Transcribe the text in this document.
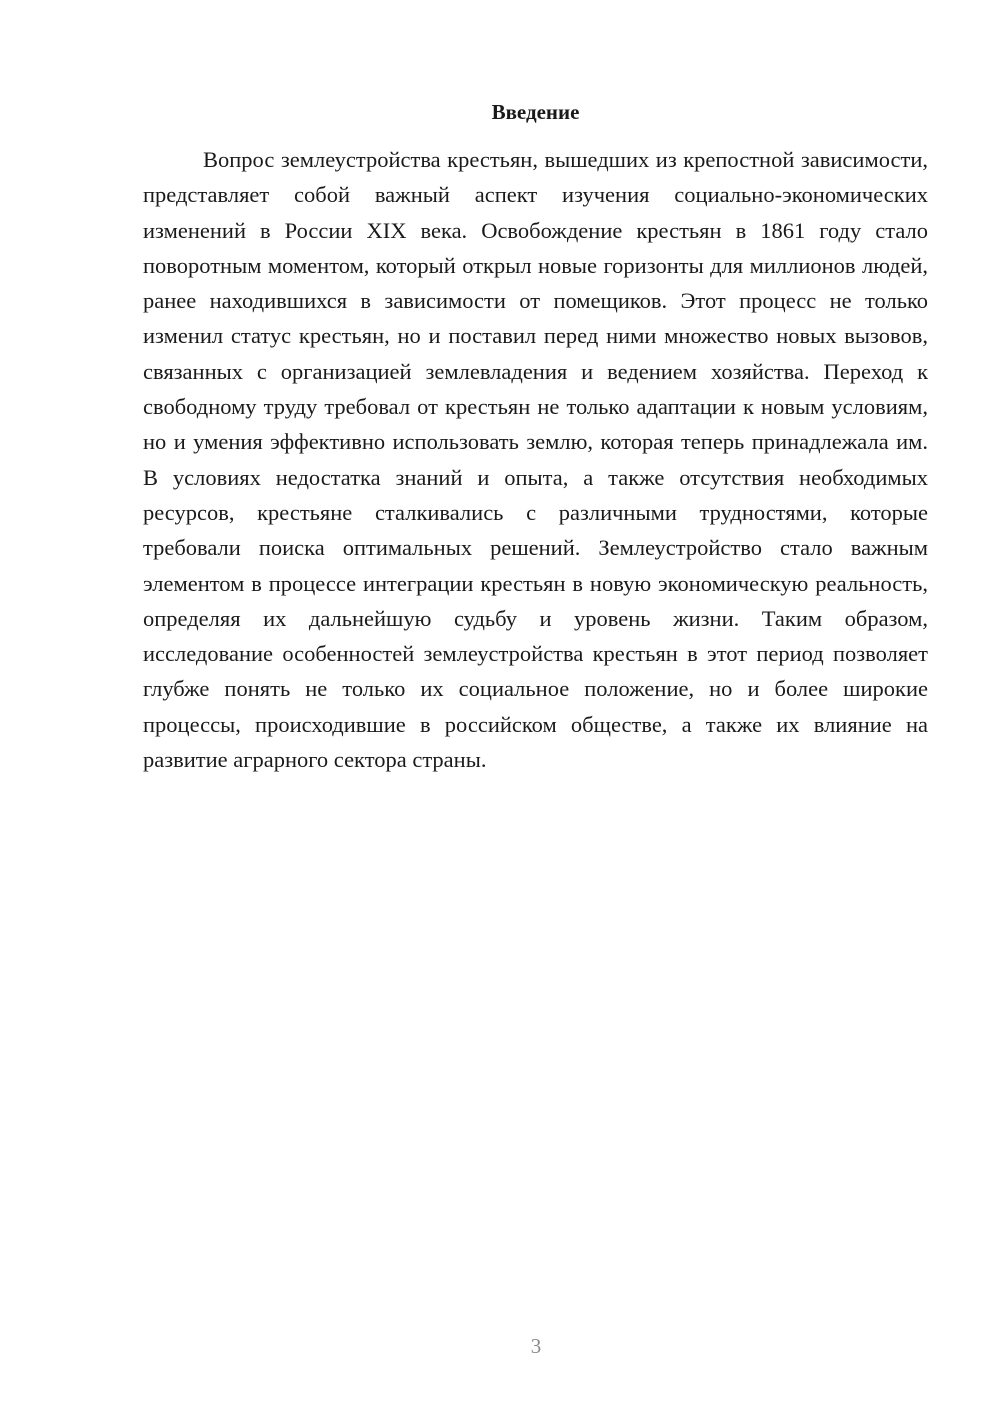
Введение

Вопрос землеустройства крестьян, вышедших из крепостной зависимости, представляет собой важный аспект изучения социально-экономических изменений в России XIX века. Освобождение крестьян в 1861 году стало поворотным моментом, который открыл новые горизонты для миллионов людей, ранее находившихся в зависимости от помещиков. Этот процесс не только изменил статус крестьян, но и поставил перед ними множество новых вызовов, связанных с организацией землевладения и ведением хозяйства. Переход к свободному труду требовал от крестьян не только адаптации к новым условиям, но и умения эффективно использовать землю, которая теперь принадлежала им. В условиях недостатка знаний и опыта, а также отсутствия необходимых ресурсов, крестьяне сталкивались с различными трудностями, которые требовали поиска оптимальных решений. Землеустройство стало важным элементом в процессе интеграции крестьян в новую экономическую реальность, определяя их дальнейшую судьбу и уровень жизни. Таким образом, исследование особенностей землеустройства крестьян в этот период позволяет глубже понять не только их социальное положение, но и более широкие процессы, происходившие в российском обществе, а также их влияние на развитие аграрного сектора страны.

3
